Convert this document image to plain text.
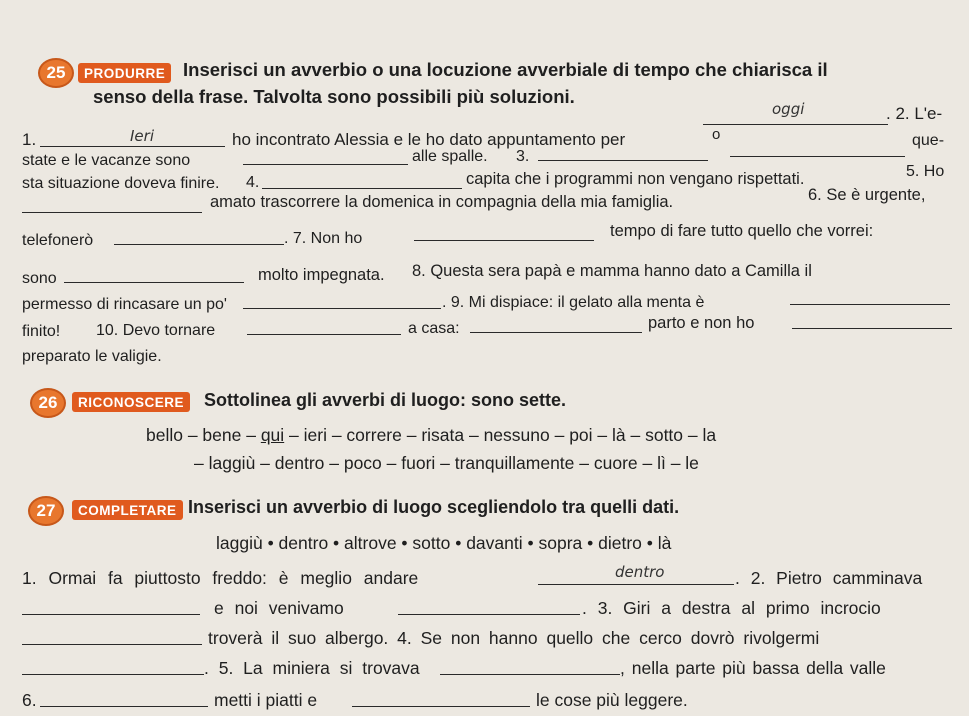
25	PRODURRE Inserisci un avverbio o una locuzione avverbiale di tempo che chiarisca il
senso della frase. Talvolta sono possibili più soluzioni.
1.	Ieri	ho incontrato Alessia e le ho dato appuntamento per
oggi	. 2. L'e-
state e le vacanze sono	alle spalle. 3.
o	que-
sta situazione doveva finire. 4.	capita che i programmi non vengano rispettati.	5. Ho
amato trascorrere la domenica in compagnia della mia famiglia.	6. Se è urgente,
telefonerò	. 7. Non ho	tempo di fare tutto quello che vorrei:
sono	molto impegnata. 8. Questa sera papà e mamma hanno dato a Camilla il
permesso di rincasare un po'	. 9. Mi dispiace: il gelato alla menta è
finito! 10. Devo tornare	a casa:	parto e non ho
preparato le valigie.
26	RICONOSCERE	Sottolinea gli avverbi di luogo: sono sette.
bello – bene – qui – ieri – correre – risata – nessuno – poi – là – sotto – la
– laggiù – dentro – poco – fuori – tranquillamente – cuore – lì – le
27	COMPLETARE Inserisci un avverbio di luogo scegliendolo tra quelli dati.
laggiù • dentro • altrove • sotto • davanti • sopra • dietro • là
1. Ormai fa piuttosto freddo: è meglio andare	dentro	. 2. Pietro camminava
e noi venivamo	. 3. Giri a destra al primo incrocio
troverà il suo albergo. 4. Se non hanno quello che cerco dovrò rivolgermi
. 5. La miniera si trovava	, nella parte più bassa della valle
6.	metti i piatti e	le cose più leggere.
